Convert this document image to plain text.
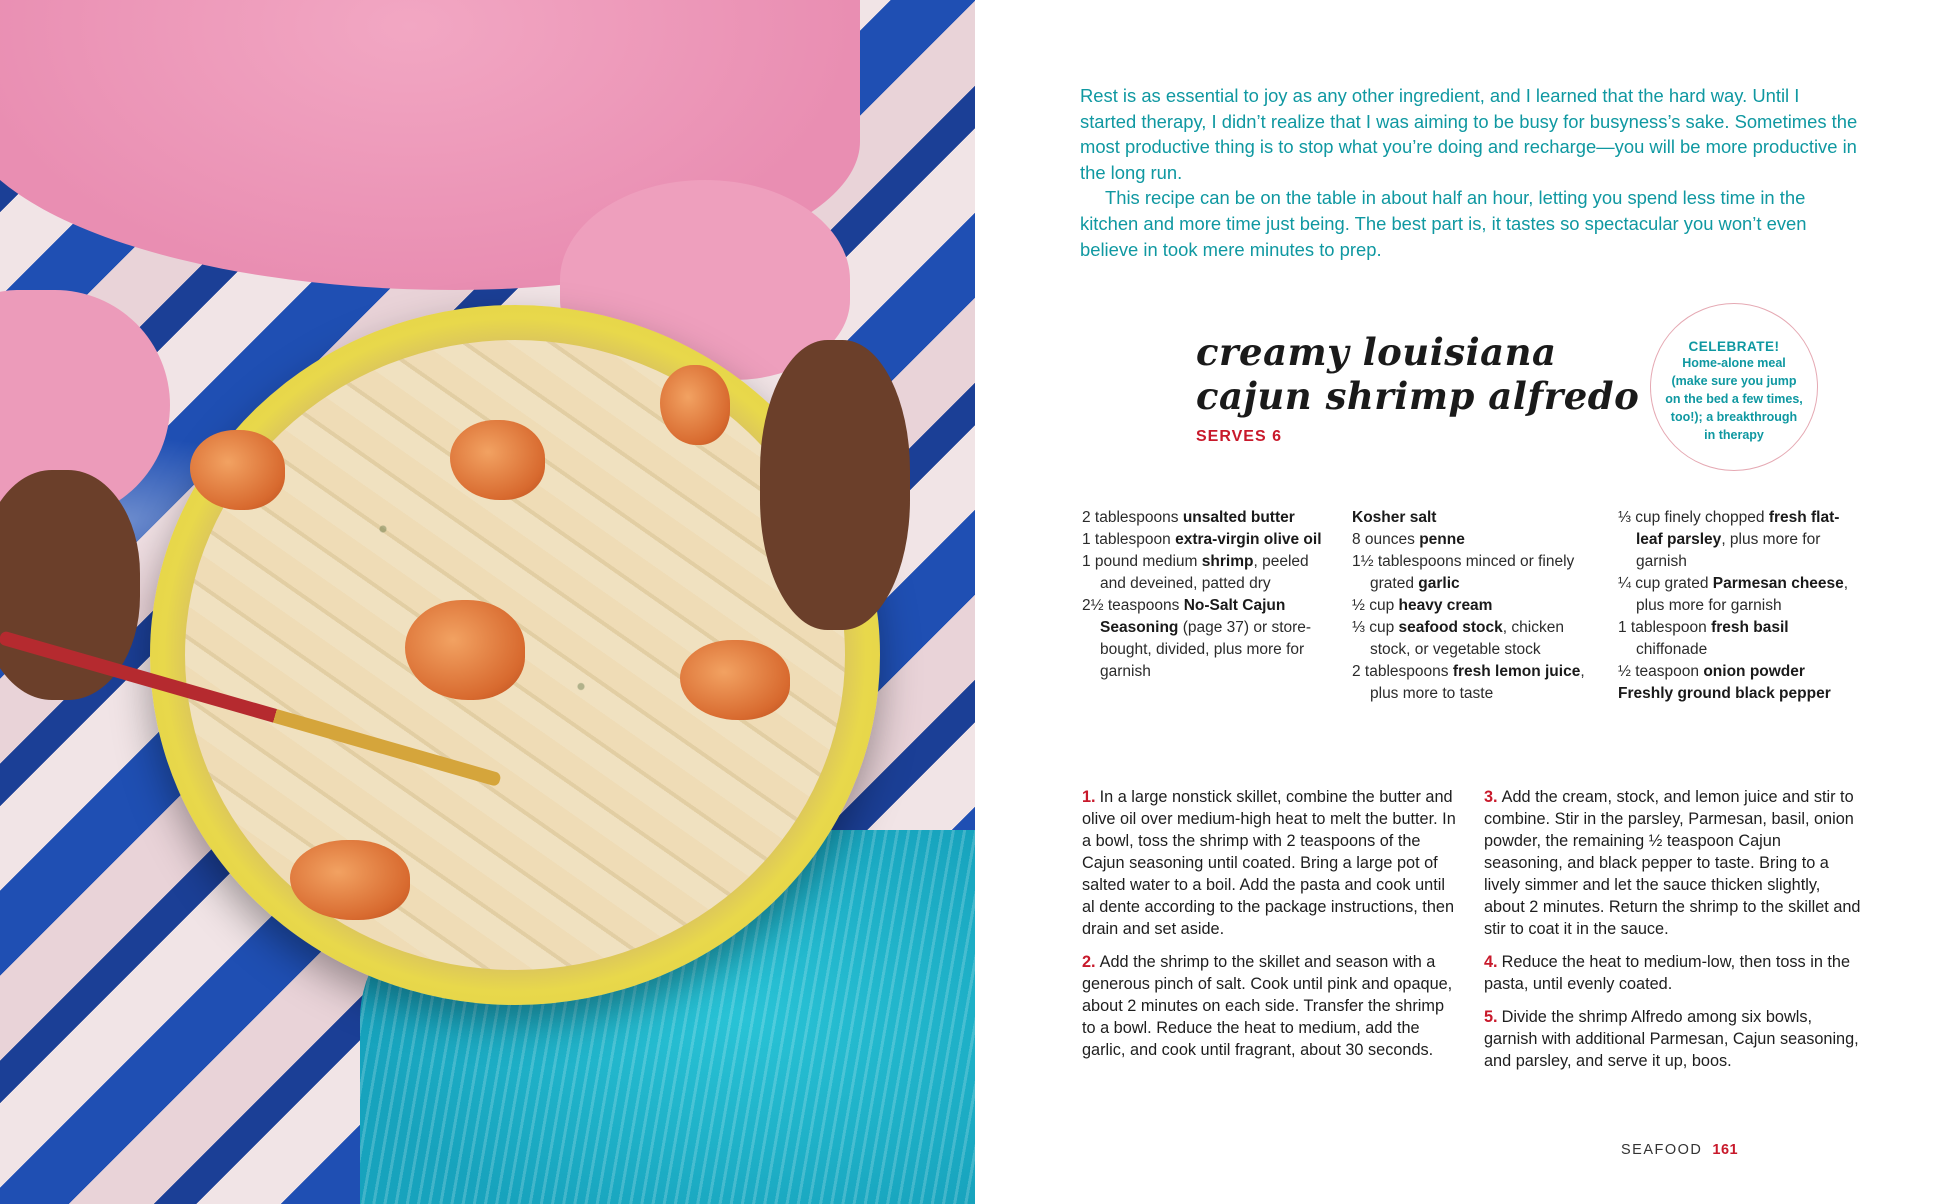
Rest is as essential to joy as any other ingredient, and I learned that the hard way. Until I started therapy, I didn’t realize that I was aiming to be busy for busyness’s sake. Sometimes the most productive thing is to stop what you’re doing and recharge—you will be more productive in the long run.

This recipe can be on the table in about half an hour, letting you spend less time in the kitchen and more time just being. The best part is, it tastes so spectacular you won’t even believe in took mere minutes to prep.

creamy louisiana
cajun shrimp alfredo
SERVES 6
CELEBRATE!
Home-alone meal (make sure you jump on the bed a few times, too!); a breakthrough in therapy
2 tablespoons unsalted butter
1 tablespoon extra-virgin olive oil
1 pound medium shrimp, peeled and deveined, patted dry
2½ teaspoons No-Salt Cajun Seasoning (page 37) or store-bought, divided, plus more for garnish
Kosher salt
8 ounces penne
1½ tablespoons minced or finely grated garlic
½ cup heavy cream
⅓ cup seafood stock, chicken stock, or vegetable stock
2 tablespoons fresh lemon juice, plus more to taste
⅓ cup finely chopped fresh flat-leaf parsley, plus more for garnish
¼ cup grated Parmesan cheese, plus more for garnish
1 tablespoon fresh basil chiffonade
½ teaspoon onion powder
Freshly ground black pepper
1. In a large nonstick skillet, combine the butter and olive oil over medium-high heat to melt the butter. In a bowl, toss the shrimp with 2 teaspoons of the Cajun seasoning until coated. Bring a large pot of salted water to a boil. Add the pasta and cook until al dente according to the package instructions, then drain and set aside.
2. Add the shrimp to the skillet and season with a generous pinch of salt. Cook until pink and opaque, about 2 minutes on each side. Transfer the shrimp to a bowl. Reduce the heat to medium, add the garlic, and cook until fragrant, about 30 seconds.
3. Add the cream, stock, and lemon juice and stir to combine. Stir in the parsley, Parmesan, basil, onion powder, the remaining ½ teaspoon Cajun seasoning, and black pepper to taste. Bring to a lively simmer and let the sauce thicken slightly, about 2 minutes. Return the shrimp to the skillet and stir to coat it in the sauce.
4. Reduce the heat to medium-low, then toss in the pasta, until evenly coated.
5. Divide the shrimp Alfredo among six bowls, garnish with additional Parmesan, Cajun seasoning, and parsley, and serve it up, boos.
SEAFOOD 161
